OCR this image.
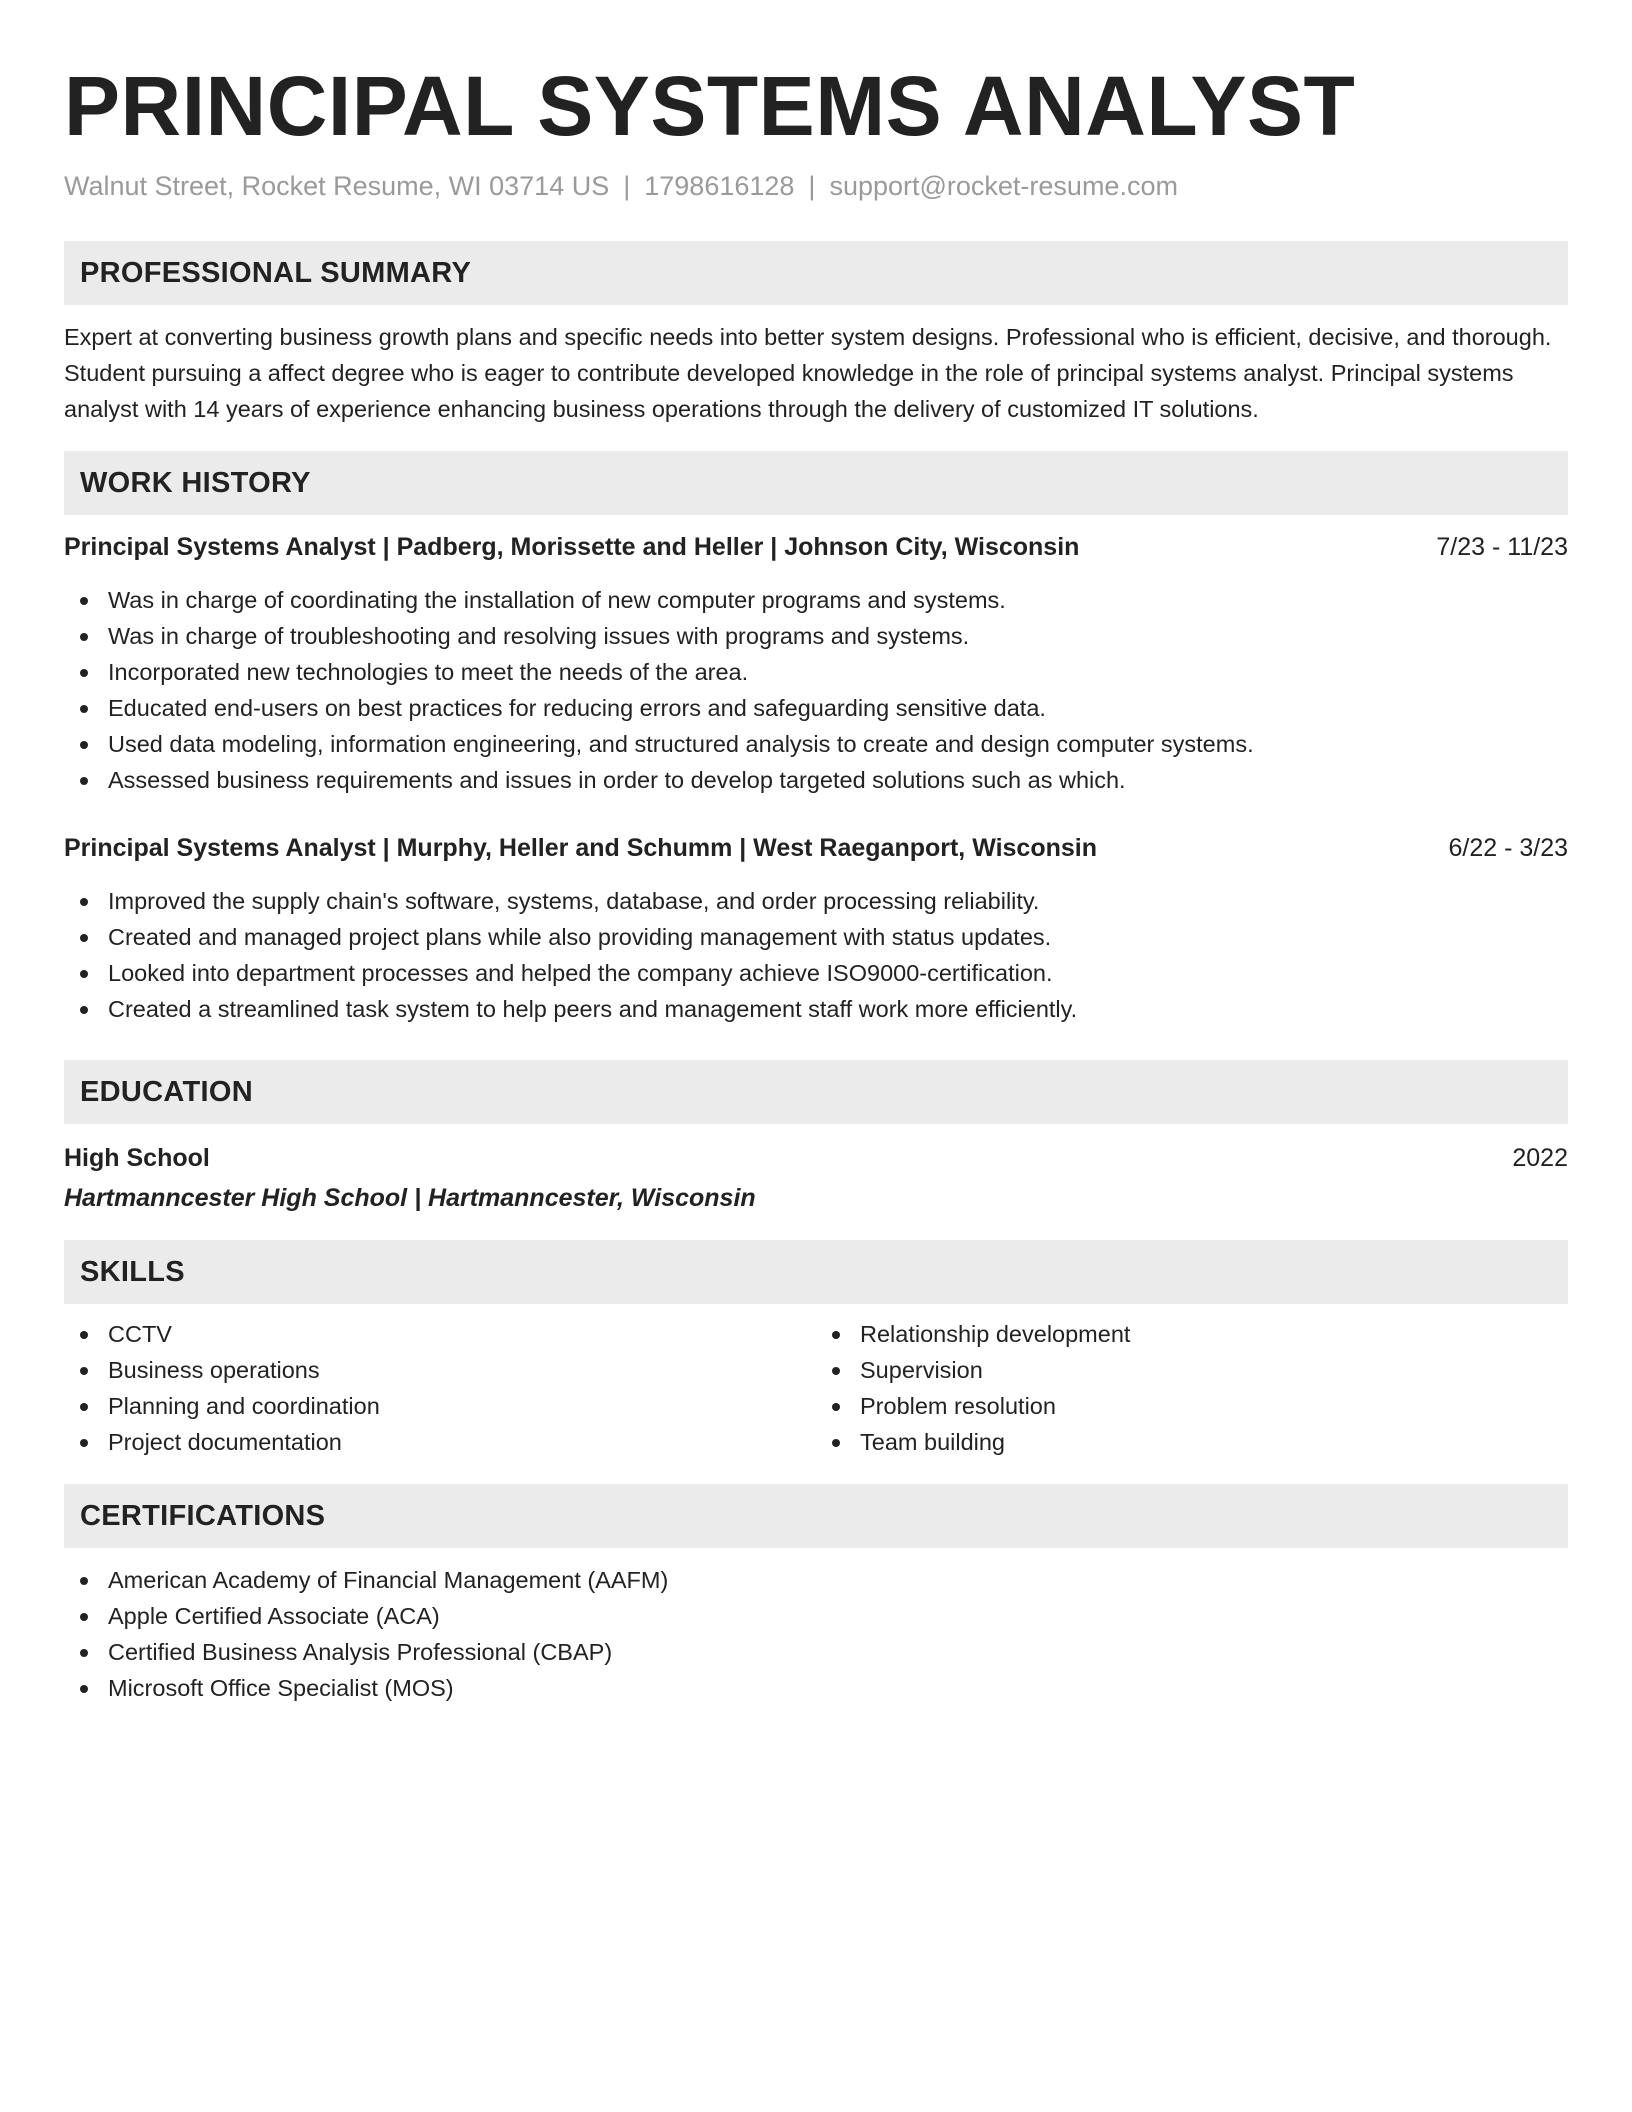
PRINCIPAL SYSTEMS ANALYST
Walnut Street, Rocket Resume, WI 03714 US | 1798616128 | support@rocket-resume.com
PROFESSIONAL SUMMARY

Expert at converting business growth plans and specific needs into better system designs. Professional who is efficient, decisive, and thorough. Student pursuing a affect degree who is eager to contribute developed knowledge in the role of principal systems analyst. Principal systems analyst with 14 years of experience enhancing business operations through the delivery of customized IT solutions.

WORK HISTORY
Principal Systems Analyst | Padberg, Morissette and Heller | Johnson City, Wisconsin	7/23 - 11/23
Was in charge of coordinating the installation of new computer programs and systems.
Was in charge of troubleshooting and resolving issues with programs and systems.
Incorporated new technologies to meet the needs of the area.
Educated end-users on best practices for reducing errors and safeguarding sensitive data.
Used data modeling, information engineering, and structured analysis to create and design computer systems.
Assessed business requirements and issues in order to develop targeted solutions such as which.
Principal Systems Analyst | Murphy, Heller and Schumm | West Raeganport, Wisconsin	6/22 - 3/23
Improved the supply chain's software, systems, database, and order processing reliability.
Created and managed project plans while also providing management with status updates.
Looked into department processes and helped the company achieve ISO9000-certification.
Created a streamlined task system to help peers and management staff work more efficiently.
EDUCATION
High School	2022
Hartmanncester High School | Hartmanncester, Wisconsin
SKILLS
CCTV
Business operations
Planning and coordination
Project documentation
Relationship development
Supervision
Problem resolution
Team building
CERTIFICATIONS
American Academy of Financial Management (AAFM)
Apple Certified Associate (ACA)
Certified Business Analysis Professional (CBAP)
Microsoft Office Specialist (MOS)
